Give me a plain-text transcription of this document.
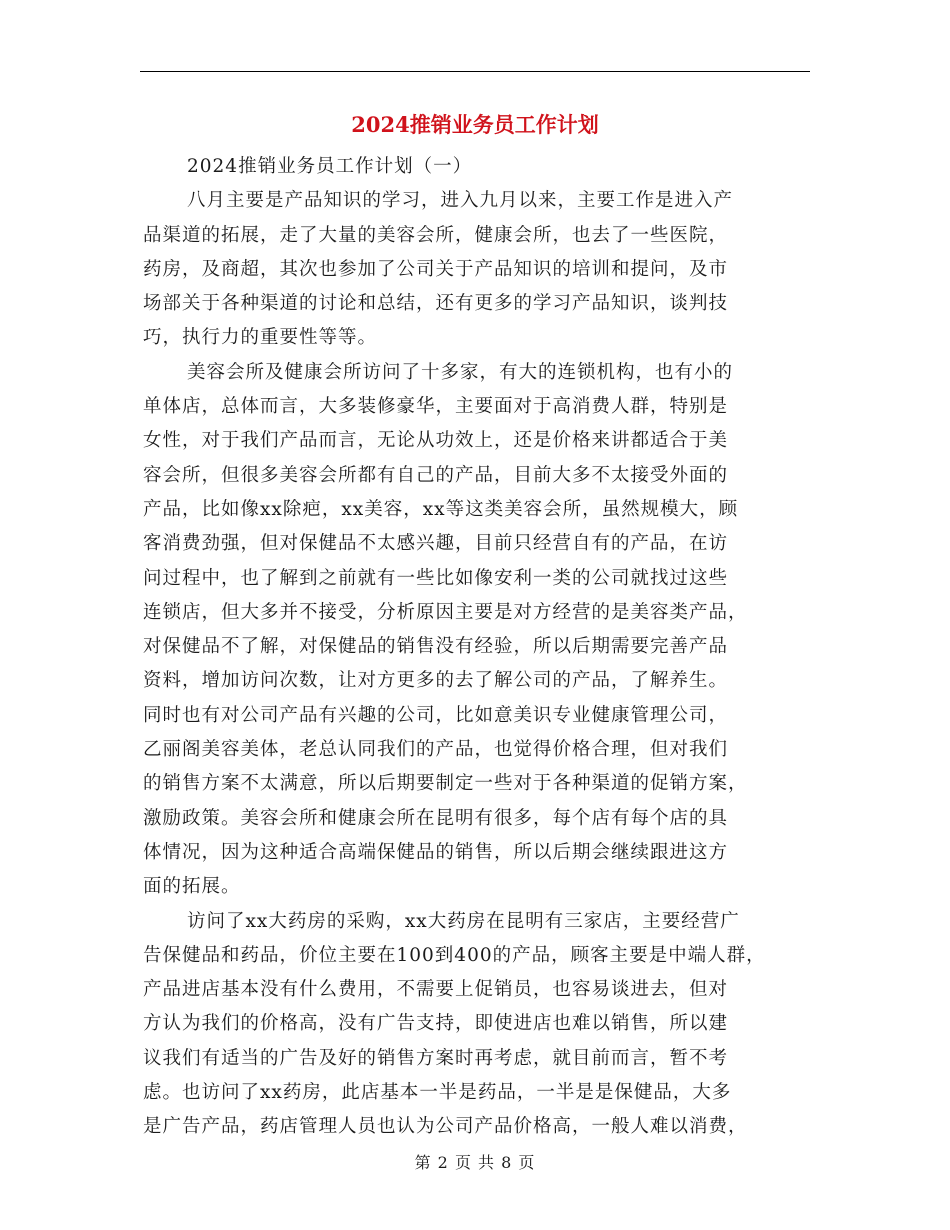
2024推销业务员工作计划
2024推销业务员工作计划（一）
八月主要是产品知识的学习，进入九月以来，主要工作是进入产
品渠道的拓展，走了大量的美容会所，健康会所，也去了一些医院，
药房，及商超，其次也参加了公司关于产品知识的培训和提问，及市
场部关于各种渠道的讨论和总结，还有更多的学习产品知识，谈判技
巧，执行力的重要性等等。
美容会所及健康会所访问了十多家，有大的连锁机构，也有小的
单体店，总体而言，大多装修豪华，主要面对于高消费人群，特别是
女性，对于我们产品而言，无论从功效上，还是价格来讲都适合于美
容会所，但很多美容会所都有自己的产品，目前大多不太接受外面的
产品，比如像xx除疤，xx美容，xx等这类美容会所，虽然规模大，顾
客消费劲强，但对保健品不太感兴趣，目前只经营自有的产品，在访
问过程中，也了解到之前就有一些比如像安利一类的公司就找过这些
连锁店，但大多并不接受，分析原因主要是对方经营的是美容类产品，
对保健品不了解，对保健品的销售没有经验，所以后期需要完善产品
资料，增加访问次数，让对方更多的去了解公司的产品，了解养生。
同时也有对公司产品有兴趣的公司，比如意美识专业健康管理公司，
乙丽阁美容美体，老总认同我们的产品，也觉得价格合理，但对我们
的销售方案不太满意，所以后期要制定一些对于各种渠道的促销方案，
激励政策。美容会所和健康会所在昆明有很多，每个店有每个店的具
体情况，因为这种适合高端保健品的销售，所以后期会继续跟进这方
面的拓展。
访问了xx大药房的采购，xx大药房在昆明有三家店，主要经营广
告保健品和药品，价位主要在100到400的产品，顾客主要是中端人群，
产品进店基本没有什么费用，不需要上促销员，也容易谈进去，但对
方认为我们的价格高，没有广告支持，即使进店也难以销售，所以建
议我们有适当的广告及好的销售方案时再考虑，就目前而言，暂不考
虑。也访问了xx药房，此店基本一半是药品，一半是是保健品，大多
是广告产品，药店管理人员也认为公司产品价格高，一般人难以消费，
第 2 页 共 8 页
